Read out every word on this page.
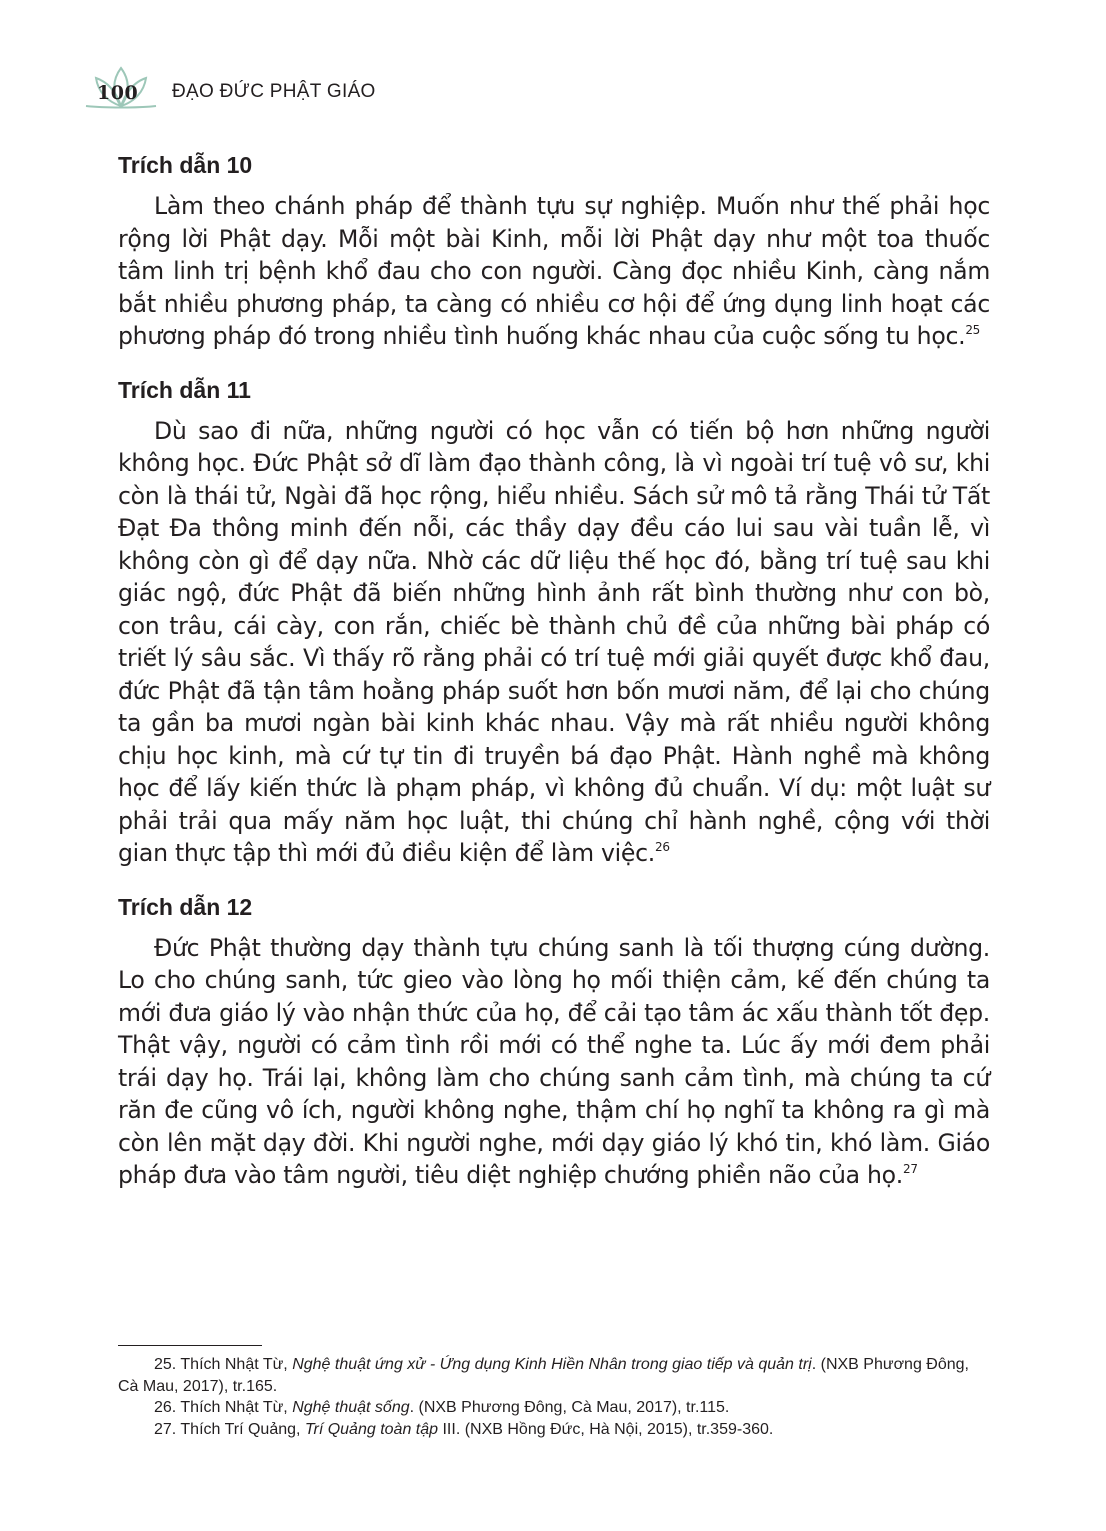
100 ĐẠO ĐỨC PHẬT GIÁO
Trích dẫn 10

Làm theo chánh pháp để thành tựu sự nghiệp. Muốn như thế phải học rộng lời Phật dạy. Mỗi một bài Kinh, mỗi lời Phật dạy như một toa thuốc tâm linh trị bệnh khổ đau cho con người. Càng đọc nhiều Kinh, càng nắm bắt nhiều phương pháp, ta càng có nhiều cơ hội để ứng dụng linh hoạt các phương pháp đó trong nhiều tình huống khác nhau của cuộc sống tu học.$^{25}$

Trích dẫn 11

Dù sao đi nữa, những người có học vẫn có tiến bộ hơn những người không học. Đức Phật sở dĩ làm đạo thành công, là vì ngoài trí tuệ vô sư, khi còn là thái tử, Ngài đã học rộng, hiểu nhiều. Sách sử mô tả rằng Thái tử Tất Đạt Đa thông minh đến nỗi, các thầy dạy đều cáo lui sau vài tuần lễ, vì không còn gì để dạy nữa. Nhờ các dữ liệu thế học đó, bằng trí tuệ sau khi giác ngộ, đức Phật đã biến những hình ảnh rất bình thường như con bò, con trâu, cái cày, con rắn, chiếc bè thành chủ đề của những bài pháp có triết lý sâu sắc. Vì thấy rõ rằng phải có trí tuệ mới giải quyết được khổ đau, đức Phật đã tận tâm hoằng pháp suốt hơn bốn mươi năm, để lại cho chúng ta gần ba mươi ngàn bài kinh khác nhau. Vậy mà rất nhiều người không chịu học kinh, mà cứ tự tin đi truyền bá đạo Phật. Hành nghề mà không học để lấy kiến thức là phạm pháp, vì không đủ chuẩn. Ví dụ: một luật sư phải trải qua mấy năm học luật, thi chúng chỉ hành nghề, cộng với thời gian thực tập thì mới đủ điều kiện để làm việc.$^{26}$

Trích dẫn 12

Đức Phật thường dạy thành tựu chúng sanh là tối thượng cúng dường. Lo cho chúng sanh, tức gieo vào lòng họ mối thiện cảm, kế đến chúng ta mới đưa giáo lý vào nhận thức của họ, để cải tạo tâm ác xấu thành tốt đẹp. Thật vậy, người có cảm tình rồi mới có thể nghe ta. Lúc ấy mới đem phải trái dạy họ. Trái lại, không làm cho chúng sanh cảm tình, mà chúng ta cứ răn đe cũng vô ích, người không nghe, thậm chí họ nghĩ ta không ra gì mà còn lên mặt dạy đời. Khi người nghe, mới dạy giáo lý khó tin, khó làm. Giáo pháp đưa vào tâm người, tiêu diệt nghiệp chướng phiền não của họ.$^{27}$

25. Thích Nhật Từ, Nghệ thuật ứng xử - Ứng dụng Kinh Hiền Nhân trong giao tiếp và quản trị. (NXB Phương Đông, Cà Mau, 2017), tr.165.

26. Thích Nhật Từ, Nghệ thuật sống. (NXB Phương Đông, Cà Mau, 2017), tr.115.

27. Thích Trí Quảng, Trí Quảng toàn tập III. (NXB Hồng Đức, Hà Nội, 2015), tr.359-360.
